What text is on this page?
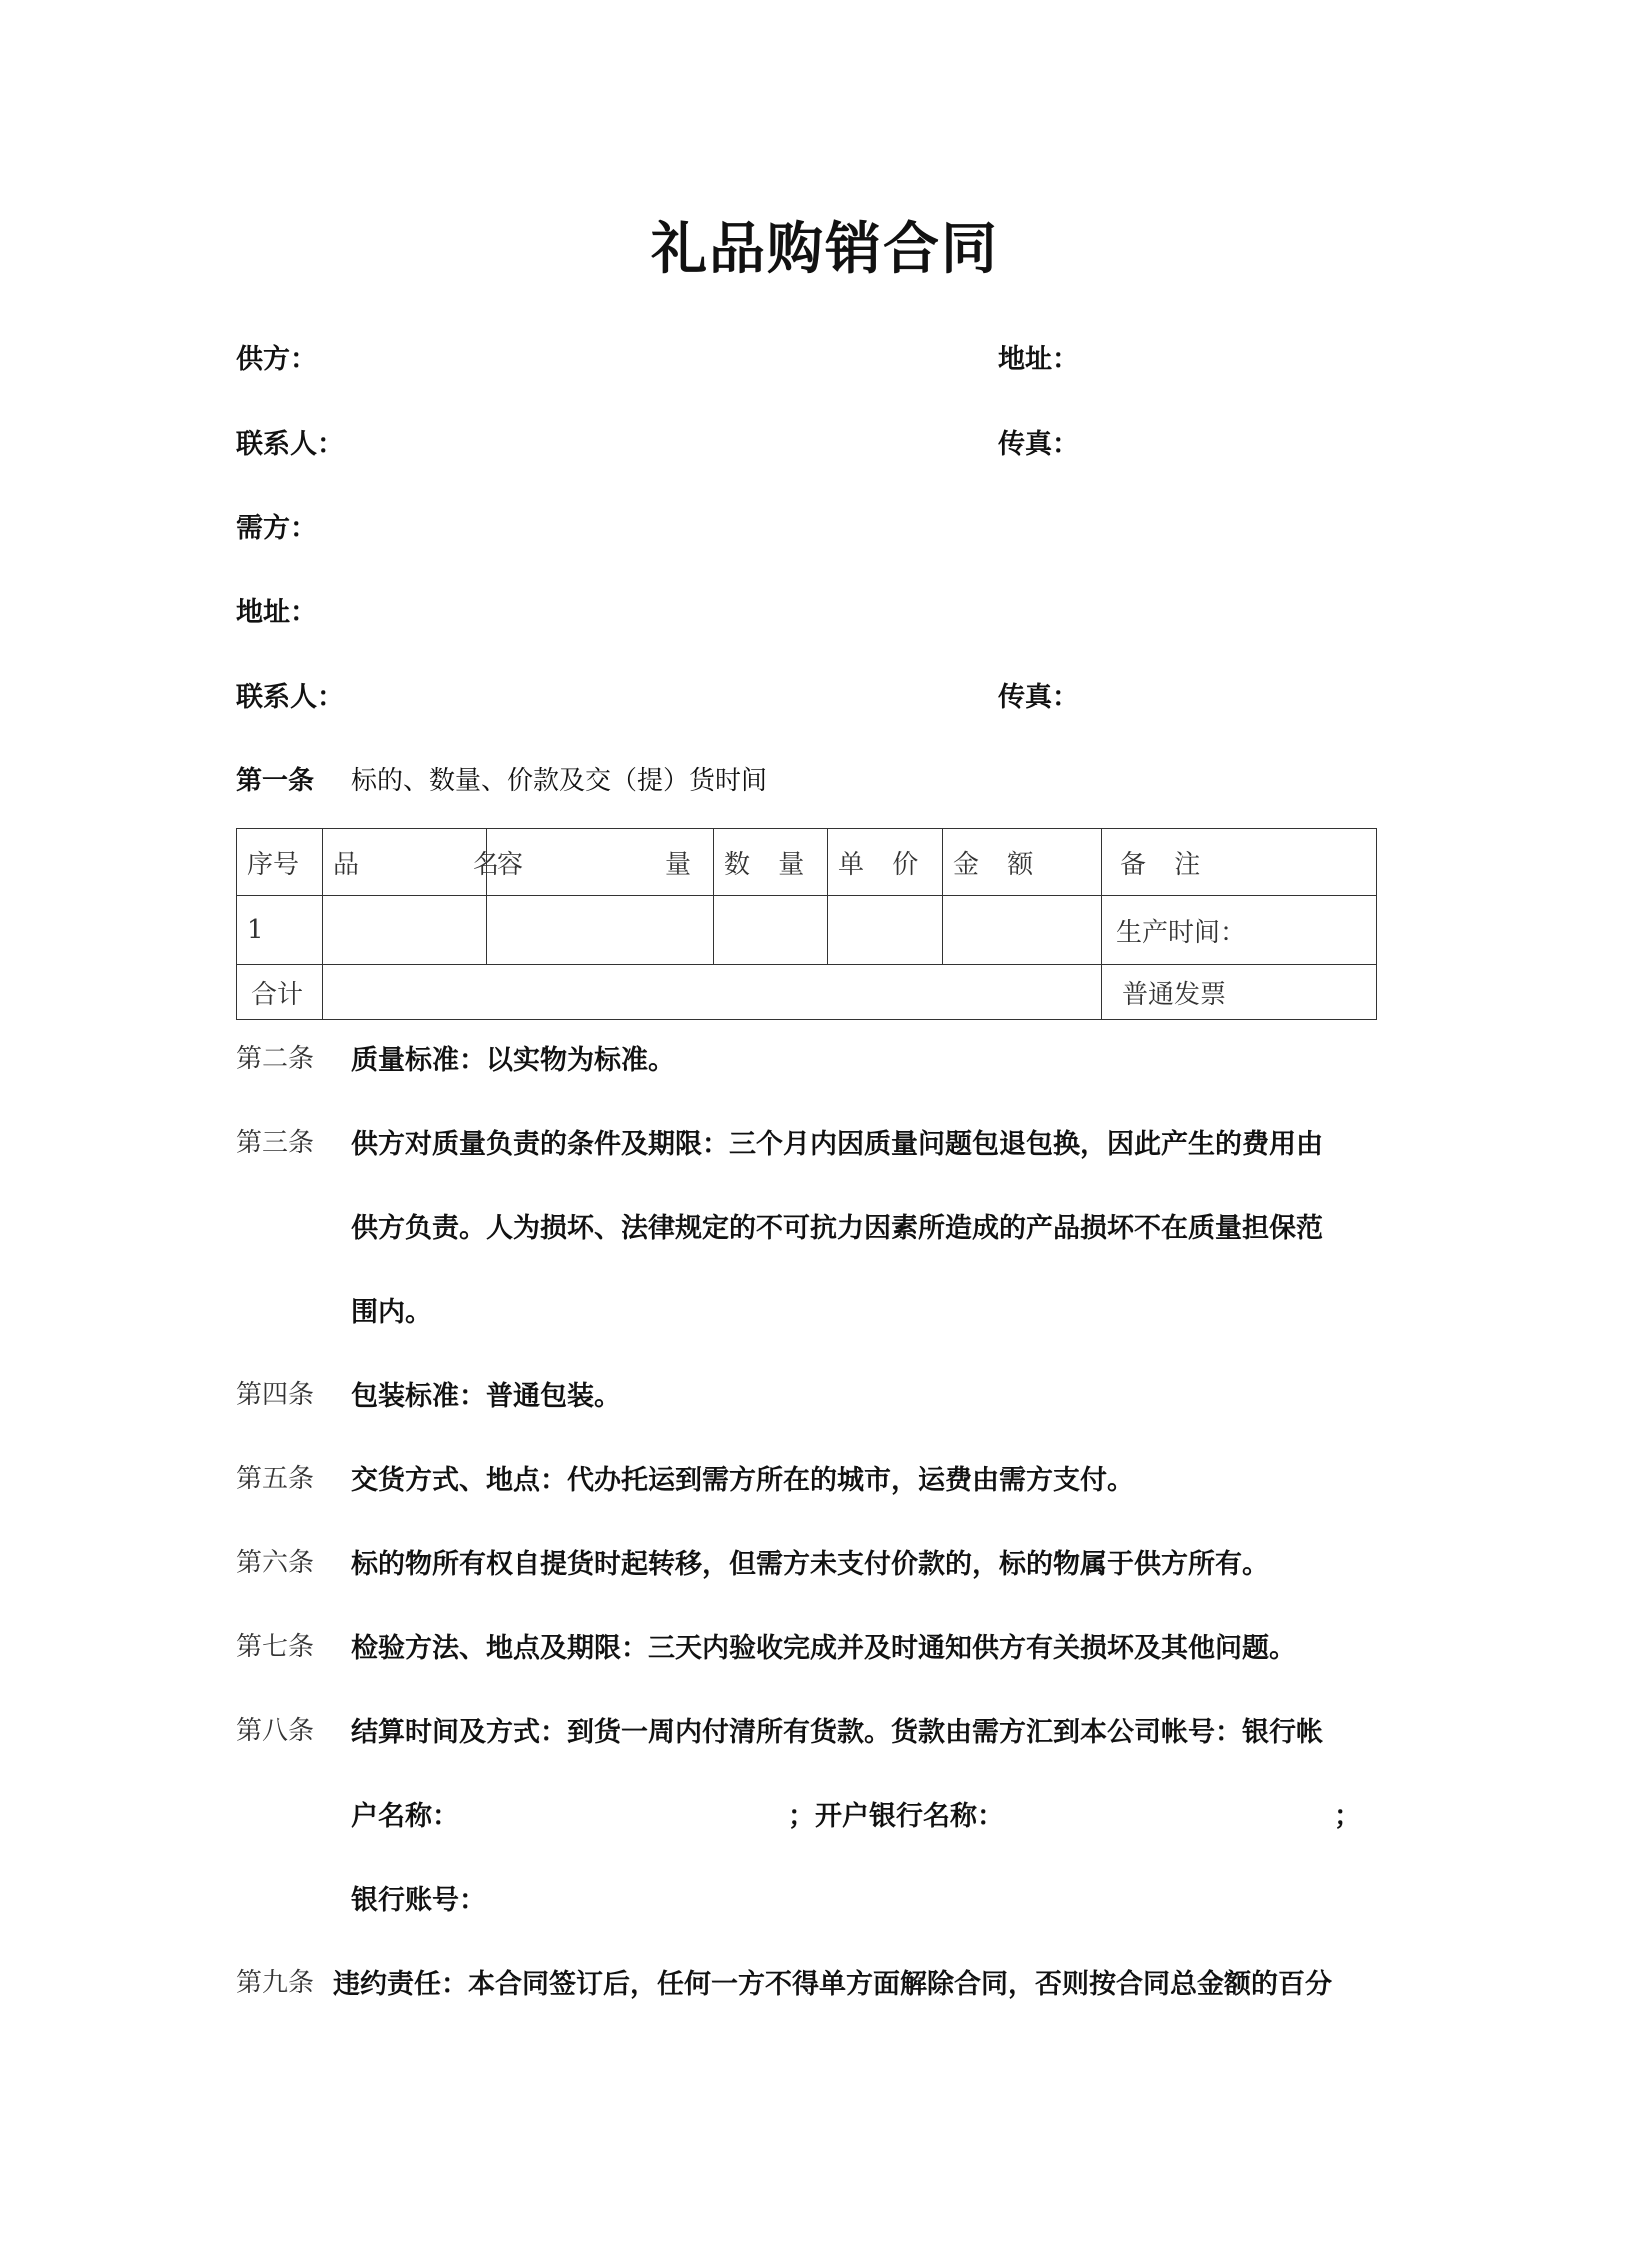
礼品购销合同
供方：	地址：
联系人：	传真：
需方：
地址：
联系人：	传真：
第一条 标的、数量、价款及交（提）货时间
序号	品　名	容　量	数 量	单 价	金 额	备 注
1						生产时间：
合计						普通发票
第二条 质量标准：以实物为标准。
第三条 供方对质量负责的条件及期限：三个月内因质量问题包退包换，因此产生的费用由
供方负责。人为损坏、法律规定的不可抗力因素所造成的产品损坏不在质量担保范
围内。
第四条 包装标准：普通包装。
第五条 交货方式、地点：代办托运到需方所在的城市，运费由需方支付。
第六条 标的物所有权自提货时起转移，但需方未支付价款的，标的物属于供方所有。
第七条 检验方法、地点及期限：三天内验收完成并及时通知供方有关损坏及其他问题。
第八条 结算时间及方式：到货一周内付清所有货款。货款由需方汇到本公司帐号：银行帐
户名称：	； 开户银行名称：	；
银行账号：
第九条 违约责任：本合同签订后，任何一方不得单方面解除合同，否则按合同总金额的百分
